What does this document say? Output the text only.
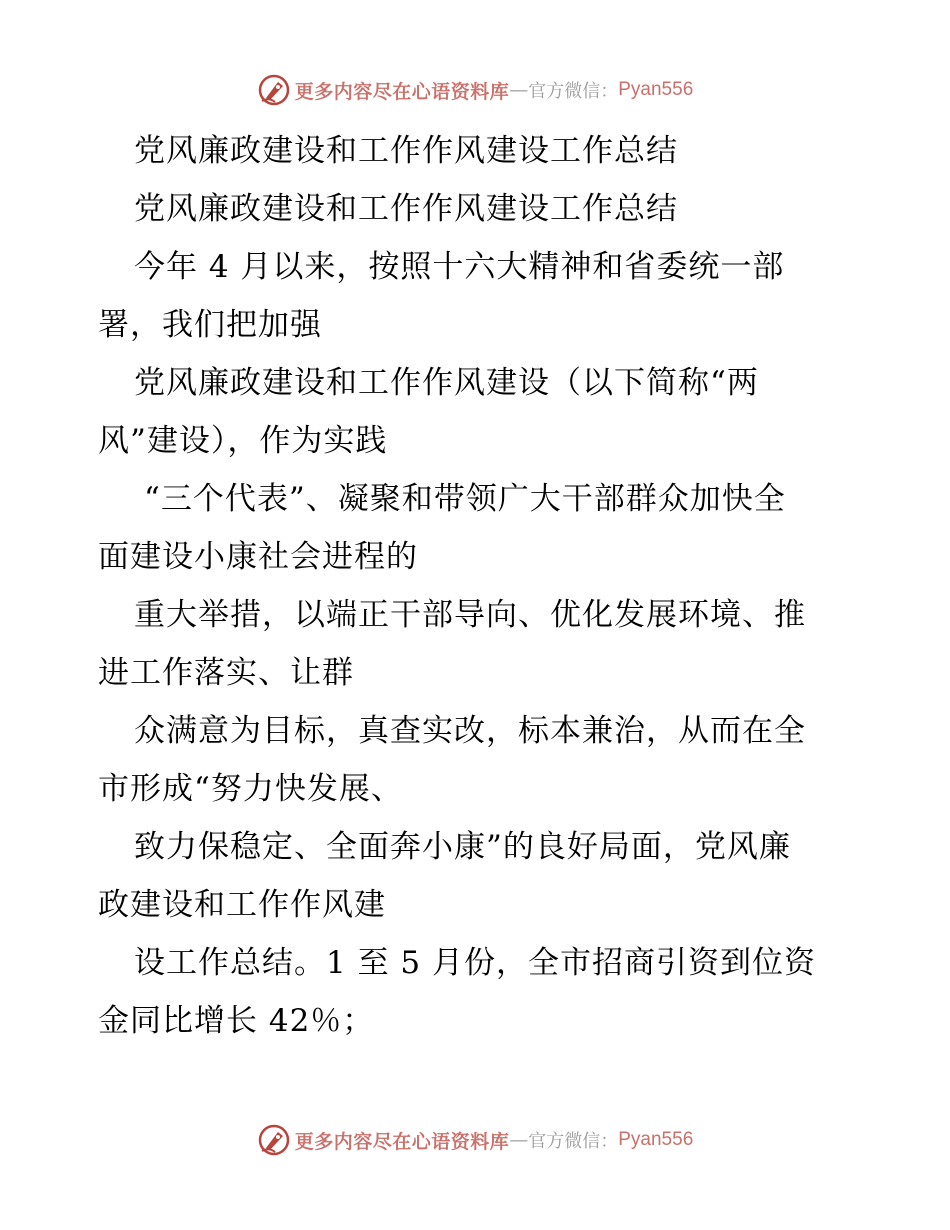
更多内容尽在心语资料库 — 官方微信： Pyan556
党风廉政建设和工作作风建设工作总结
党风廉政建设和工作作风建设工作总结
今年 4 月以来，按照十六大精神和省委统一部
署，我们把加强
党风廉政建设和工作作风建设（以下简称“两
风”建设），作为实践
“三个代表”、凝聚和带领广大干部群众加快全
面建设小康社会进程的
重大举措，以端正干部导向、优化发展环境、推
进工作落实、让群
众满意为目标，真查实改，标本兼治，从而在全
市形成“努力快发展、
致力保稳定、全面奔小康”的良好局面，党风廉
政建设和工作作风建
设工作总结。1 至 5 月份，全市招商引资到位资
金同比增长 42％；
更多内容尽在心语资料库 — 官方微信： Pyan556
